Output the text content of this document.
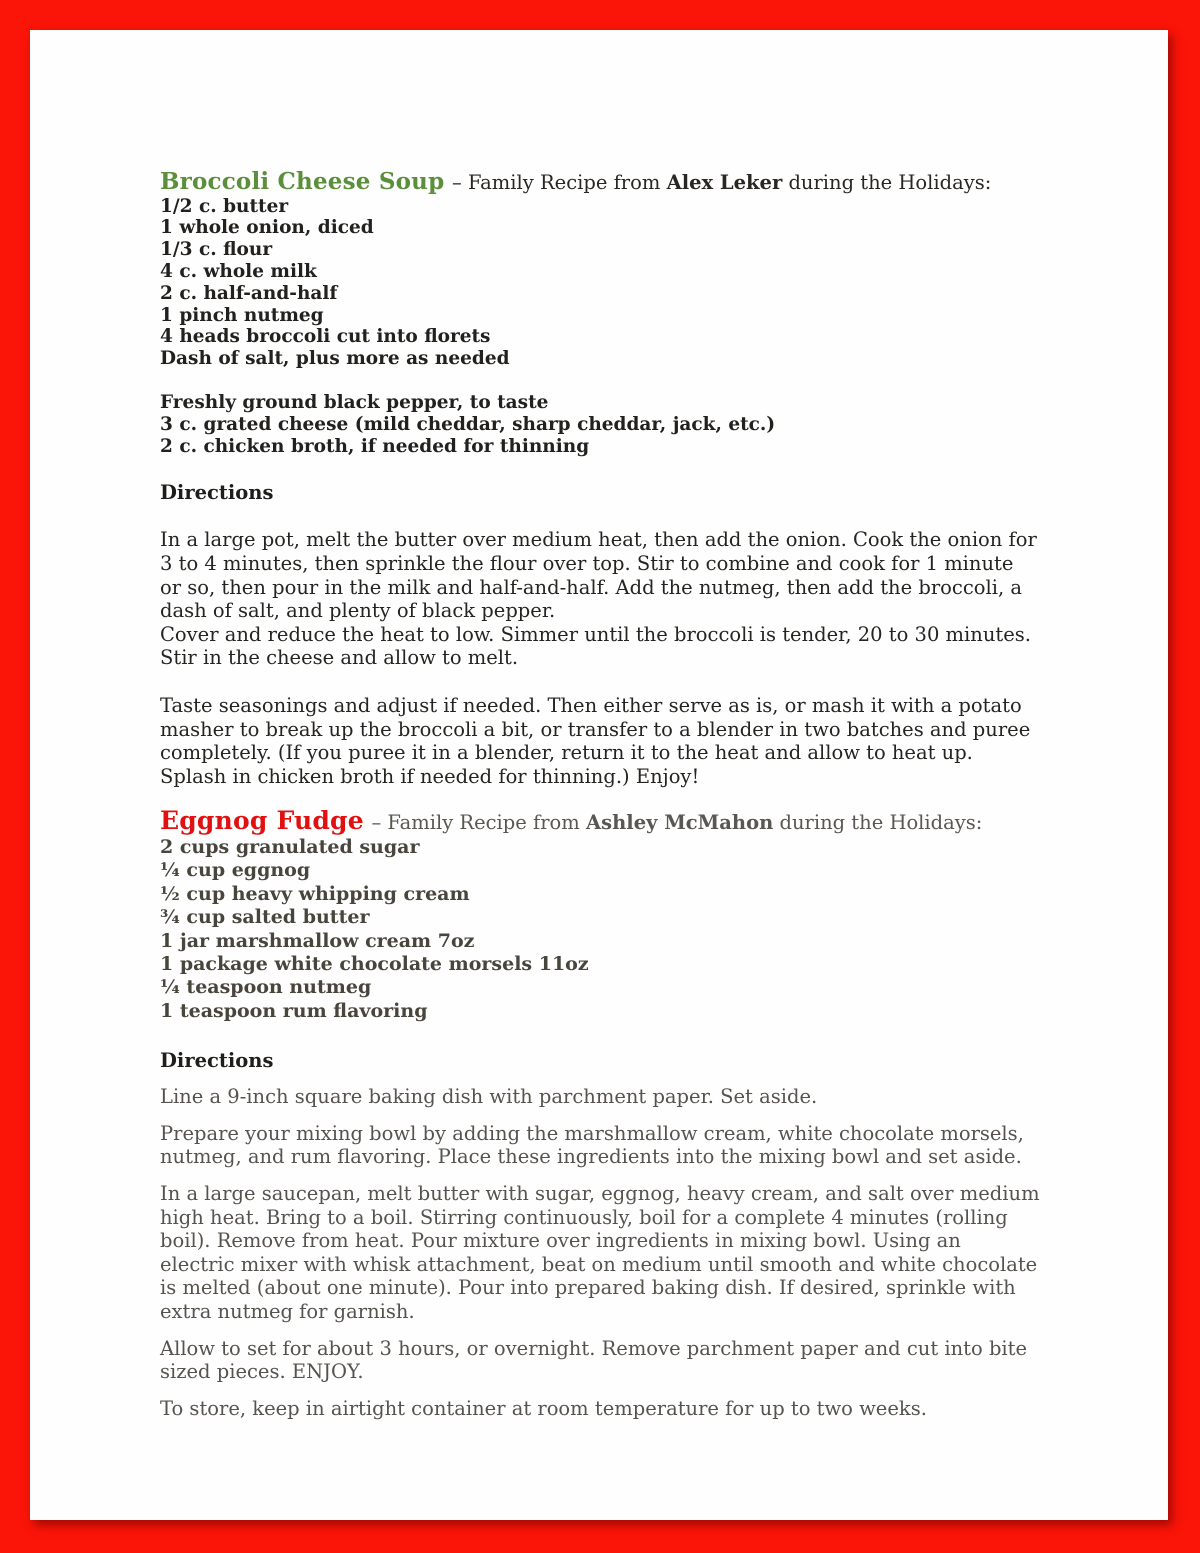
Broccoli Cheese Soup – Family Recipe from Alex Leker during the Holidays:

1/2 c. butter

1 whole onion, diced

1/3 c. flour

4 c. whole milk

2 c. half-and-half

1 pinch nutmeg

4 heads broccoli cut into florets

Dash of salt, plus more as needed

Freshly ground black pepper, to taste

3 c. grated cheese (mild cheddar, sharp cheddar, jack, etc.)

2 c. chicken broth, if needed for thinning

Directions

In a large pot, melt the butter over medium heat, then add the onion. Cook the onion for 3 to 4 minutes, then sprinkle the flour over top. Stir to combine and cook for 1 minute or so, then pour in the milk and half-and-half. Add the nutmeg, then add the broccoli, a dash of salt, and plenty of black pepper.

Cover and reduce the heat to low. Simmer until the broccoli is tender, 20 to 30 minutes. Stir in the cheese and allow to melt.

Taste seasonings and adjust if needed. Then either serve as is, or mash it with a potato masher to break up the broccoli a bit, or transfer to a blender in two batches and puree completely. (If you puree it in a blender, return it to the heat and allow to heat up. Splash in chicken broth if needed for thinning.) Enjoy!

Eggnog Fudge – Family Recipe from Ashley McMahon during the Holidays:

2 cups granulated sugar

¼ cup eggnog

½ cup heavy whipping cream

¾ cup salted butter

1 jar marshmallow cream 7oz

1 package white chocolate morsels 11oz

¼ teaspoon nutmeg

1 teaspoon rum flavoring

Directions

Line a 9-inch square baking dish with parchment paper. Set aside.

Prepare your mixing bowl by adding the marshmallow cream, white chocolate morsels, nutmeg, and rum flavoring. Place these ingredients into the mixing bowl and set aside.

In a large saucepan, melt butter with sugar, eggnog, heavy cream, and salt over medium high heat. Bring to a boil. Stirring continuously, boil for a complete 4 minutes (rolling boil). Remove from heat. Pour mixture over ingredients in mixing bowl. Using an electric mixer with whisk attachment, beat on medium until smooth and white chocolate is melted (about one minute). Pour into prepared baking dish. If desired, sprinkle with extra nutmeg for garnish.

Allow to set for about 3 hours, or overnight. Remove parchment paper and cut into bite sized pieces. ENJOY.

To store, keep in airtight container at room temperature for up to two weeks.
